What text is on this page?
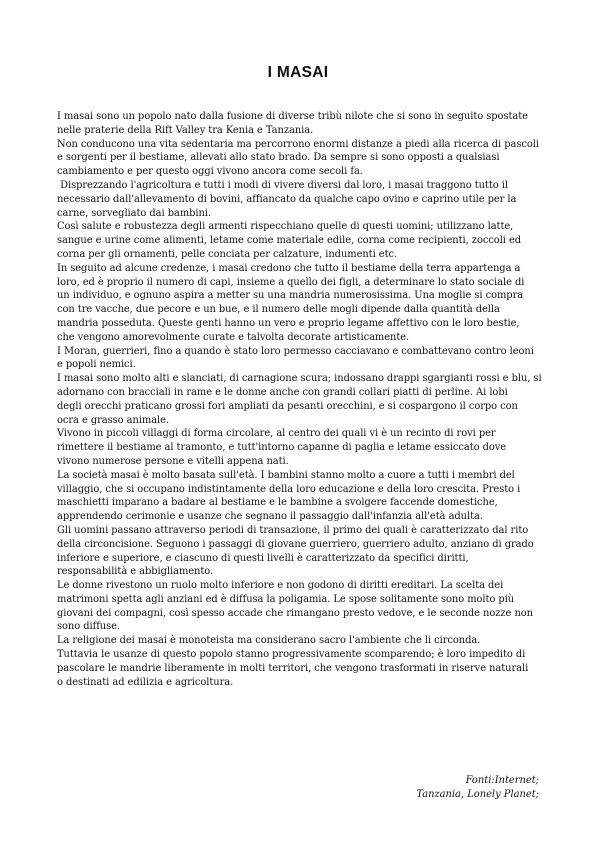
I MASAI
I masai sono un popolo nato dalla fusione di diverse tribù nilote che si sono in seguito spostate
nelle praterie della Rift Valley tra Kenia e Tanzania.
Non conducono una vita sedentaria ma percorrono enormi distanze a piedi alla ricerca di pascoli
e sorgenti per il bestiame, allevati allo stato brado. Da sempre si sono opposti a qualsiasi
cambiamento e per questo oggi vivono ancora come secoli fa.
Disprezzando l'agricoltura e tutti i modi di vivere diversi dal loro, i masai traggono tutto il
necessario dall'allevamento di bovini, affiancato da qualche capo ovino e caprino utile per la
carne, sorvegliato dai bambini.
Così salute e robustezza degli armenti rispecchiano quelle di questi uomini; utilizzano latte,
sangue e urine come alimenti, letame come materiale edile, corna come recipienti, zoccoli ed
corna per gli ornamenti, pelle conciata per calzature, indumenti etc.
In seguito ad alcune credenze, i masai credono che tutto il bestiame della terra appartenga a
loro, ed è proprio il numero di capi, insieme a quello dei figli, a determinare lo stato sociale di
un individuo, e ognuno aspira a metter su una mandria numerosissima. Una moglie si compra
con tre vacche, due pecore e un bue, e il numero delle mogli dipende dalla quantità della
mandria posseduta. Queste genti hanno un vero e proprio legame affettivo con le loro bestie,
che vengono amorevolmente curate e talvolta decorate artisticamente.
I Moran, guerrieri, fino a quando è stato loro permesso cacciavano e combattevano contro leoni
e popoli nemici.
I masai sono molto alti e slanciati, di carnagione scura; indossano drappi sgargianti rossi e blu, si
adornano con bracciali in rame e le donne anche con grandi collari piatti di perline. Ai lobi
degli orecchi praticano grossi fori ampliati da pesanti orecchini, e si cospargono il corpo con
ocra e grasso animale.
Vivono in piccoli villaggi di forma circolare, al centro dei quali vi è un recinto di rovi per
rimettere il bestiame al tramonto, e tutt'intorno capanne di paglia e letame essiccato dove
vivono numerose persone e vitelli appena nati.
La società masai è molto basata sull'età. I bambini stanno molto a cuore a tutti i membri del
villaggio, che si occupano indistintamente della loro educazione e della loro crescita. Presto i
maschietti imparano a badare al bestiame e le bambine a svolgere faccende domestiche,
apprendendo cerimonie e usanze che segnano il passaggio dall'infanzia all'età adulta.
Gli uomini passano attraverso periodi di transazione, il primo dei quali è caratterizzato dal rito
della circoncisione. Seguono i passaggi di giovane guerriero, guerriero adulto, anziano di grado
inferiore e superiore, e ciascuno di questi livelli è caratterizzato da specifici diritti,
responsabilità e abbigliamento.
Le donne rivestono un ruolo molto inferiore e non godono di diritti ereditari. La scelta dei
matrimoni spetta agli anziani ed è diffusa la poligamia. Le spose solitamente sono molto più
giovani dei compagni, così spesso accade che rimangano presto vedove, e le seconde nozze non
sono diffuse.
La religione dei masai è monoteista ma considerano sacro l'ambiente che li circonda.
Tuttavia le usanze di questo popolo stanno progressivamente scomparendo; è loro impedito di
pascolare le mandrie liberamente in molti territori, che vengono trasformati in riserve naturali
o destinati ad edilizia e agricoltura.
Fonti:Internet;
Tanzania, Lonely Planet;
